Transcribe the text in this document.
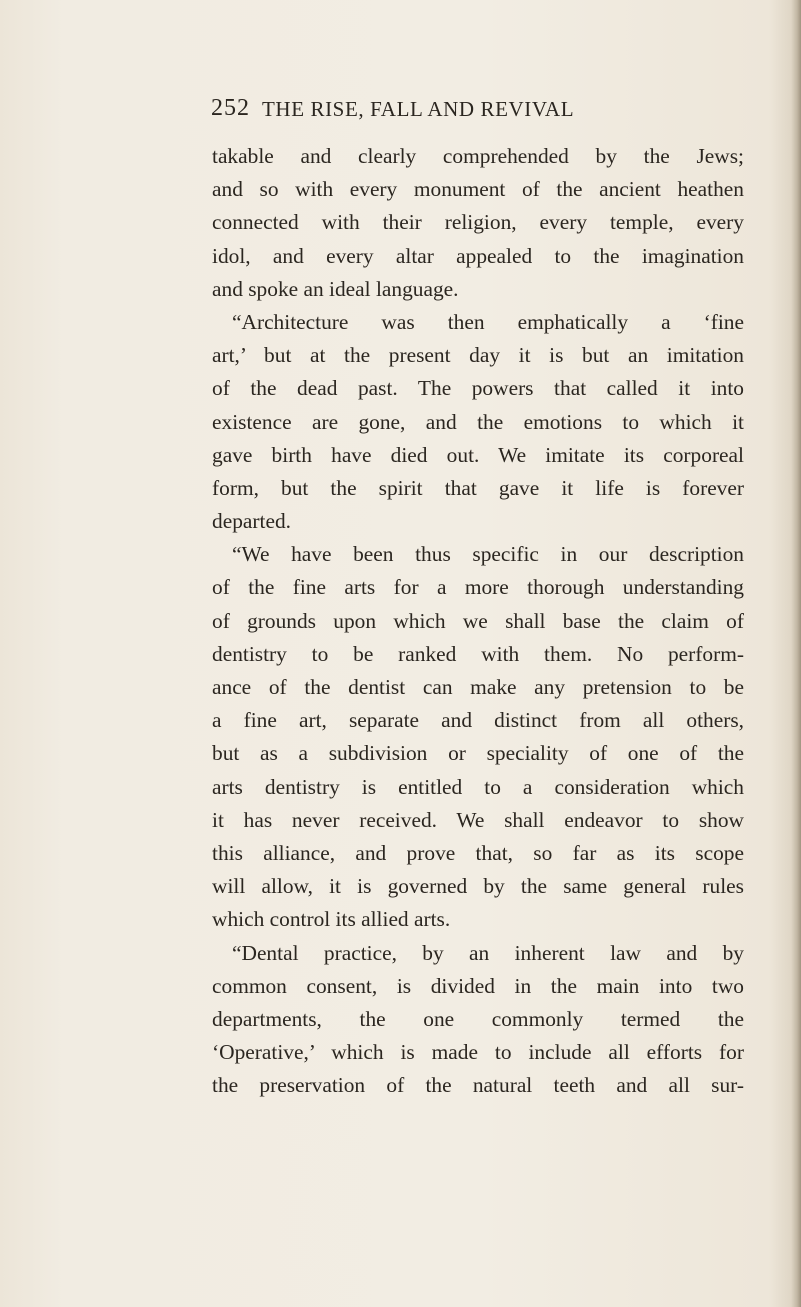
252 THE RISE, FALL AND REVIVAL
takable and clearly comprehended by the Jews;
and so with every monument of the ancient heathen
connected with their religion, every temple, every
idol, and every altar appealed to the imagination
and spoke an ideal language.
“Architecture was then emphatically a ‘fine
art,’ but at the present day it is but an imitation
of the dead past. The powers that called it into
existence are gone, and the emotions to which it
gave birth have died out. We imitate its corporeal
form, but the spirit that gave it life is forever
departed.
“We have been thus specific in our description
of the fine arts for a more thorough understanding
of grounds upon which we shall base the claim of
dentistry to be ranked with them. No perform-
ance of the dentist can make any pretension to be
a fine art, separate and distinct from all others,
but as a subdivision or speciality of one of the
arts dentistry is entitled to a consideration which
it has never received. We shall endeavor to show
this alliance, and prove that, so far as its scope
will allow, it is governed by the same general rules
which control its allied arts.
“Dental practice, by an inherent law and by
common consent, is divided in the main into two
departments, the one commonly termed the
‘Operative,’ which is made to include all efforts for
the preservation of the natural teeth and all sur-
